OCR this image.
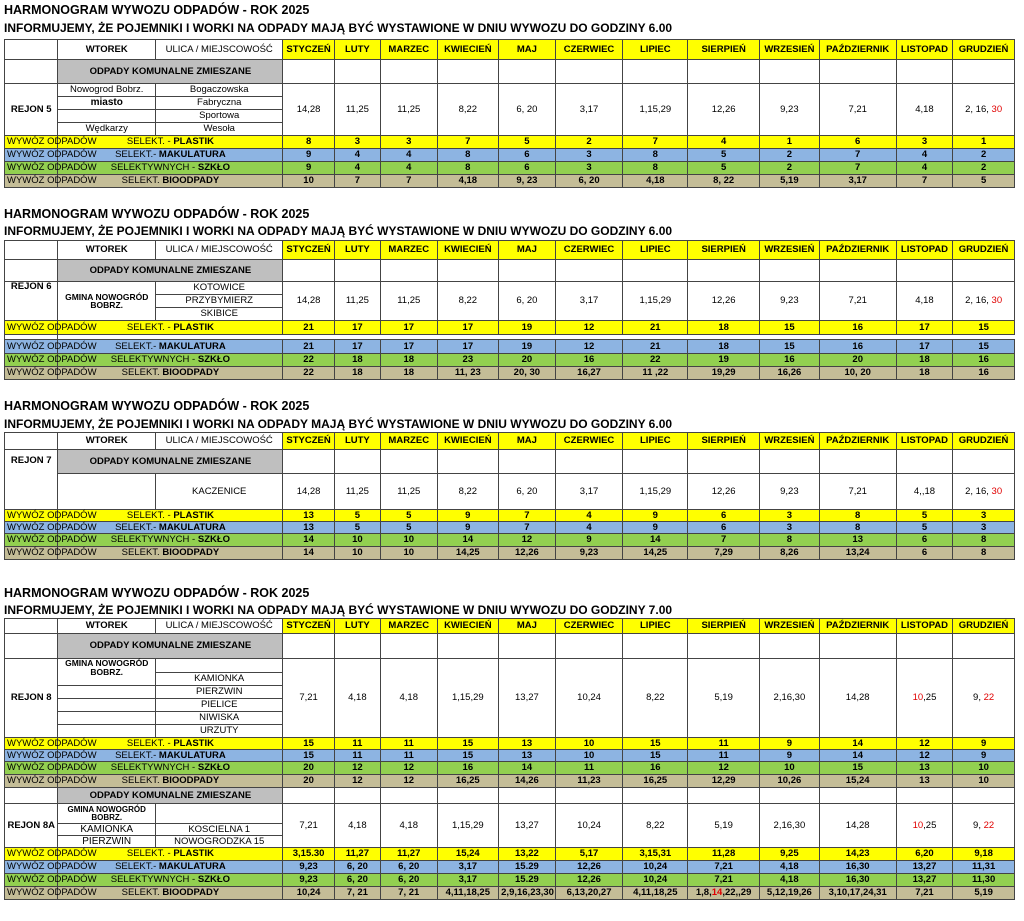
HARMONOGRAM WYWOZU ODPADÓW - ROK 2025
INFORMUJEMY, ŻE POJEMNIKI I WORKI NA ODPADY MAJĄ BYĆ WYSTAWIONE W DNIU WYWOZU DO GODZINY 6.00
	WTOREK	ULICA / MIEJSCOWOŚĆ	STYCZEŃ	LUTY	MARZEC	KWIECIEŃ	MAJ	CZERWIEC	LIPIEC	SIERPIEŃ	WRZESIEŃ	PAŹDZIERNIK	LISTOPAD	GRUDZIEŃ
	ODPADY KOMUNALNE ZMIESZANE													
REJON 5	Nowogrod Bobrz.	Bogaczowska	14,28	11,25	11,25	8,22	6, 20	3,17	1,15,29	12,26	9,23	7,21	4,18	2, 16, 30
	miasto	Fabryczna												
		Sportowa												
	Wędkarzy	Wesoła												
WYWÓZ ODPADÓW	SELEKT. - PLASTIK		8	3	3	7	5	2	7	4	1	6	3	1
WYWÓZ ODPADÓW	SELEKT.- MAKULATURA		9	4	4	8	6	3	8	5	2	7	4	2
WYWÓZ ODPADÓW	SELEKTYWNYCH - SZKŁO		9	4	4	8	6	3	8	5	2	7	4	2
WYWÓZ ODPADÓW	SELEKT. BIOODPADY		10	7	7	4,18	9, 23	6, 20	4,18	8, 22	5,19	3,17	7	5
HARMONOGRAM WYWOZU ODPADÓW - ROK 2025
INFORMUJEMY, ŻE POJEMNIKI I WORKI NA ODPADY MAJĄ BYĆ WYSTAWIONE W DNIU WYWOZU DO GODZINY 6.00
	WTOREK	ULICA / MIEJSCOWOŚĆ	STYCZEŃ	LUTY	MARZEC	KWIECIEŃ	MAJ	CZERWIEC	LIPIEC	SIERPIEŃ	WRZESIEŃ	PAŹDZIERNIK	LISTOPAD	GRUDZIEŃ
	ODPADY KOMUNALNE ZMIESZANE													
REJON 6	GMINA NOWOGRÓD BOBRZ.	KOTOWICE	14,28	11,25	11,25	8,22	6, 20	3,17	1,15,29	12,26	9,23	7,21	4,18	2, 16, 30
		PRZYBYMIERZ												
		SKIBICE												
WYWÓZ ODPADÓW	SELEKT. - PLASTIK		21	17	17	17	19	12	21	18	15	16	17	15

WYWÓZ ODPADÓW	SELEKT.- MAKULATURA		21	17	17	17	19	12	21	18	15	16	17	15
WYWÓZ ODPADÓW	SELEKTYWNYCH - SZKŁO		22	18	18	23	20	16	22	19	16	20	18	16
WYWÓZ ODPADÓW	SELEKT. BIOODPADY		22	18	18	11, 23	20, 30	16,27	11 ,22	19,29	16,26	10, 20	18	16
HARMONOGRAM WYWOZU ODPADÓW - ROK 2025
INFORMUJEMY, ŻE POJEMNIKI I WORKI NA ODPADY MAJĄ BYĆ WYSTAWIONE W DNIU WYWOZU DO GODZINY 6.00
	WTOREK	ULICA / MIEJSCOWOŚĆ	STYCZEŃ	LUTY	MARZEC	KWIECIEŃ	MAJ	CZERWIEC	LIPIEC	SIERPIEŃ	WRZESIEŃ	PAŹDZIERNIK	LISTOPAD	GRUDZIEŃ
REJON 7	ODPADY KOMUNALNE ZMIESZANE													
		KACZENICE	14,28	11,25	11,25	8,22	6, 20	3,17	1,15,29	12,26	9,23	7,21	4,,18	2, 16, 30
WYWÓZ ODPADÓW	SELEKT. - PLASTIK		13	5	5	9	7	4	9	6	3	8	5	3
WYWÓZ ODPADÓW	SELEKT.- MAKULATURA		13	5	5	9	7	4	9	6	3	8	5	3
WYWÓZ ODPADÓW	SELEKTYWNYCH - SZKŁO		14	10	10	14	12	9	14	7	8	13	6	8
WYWÓZ ODPADÓW	SELEKT. BIOODPADY		14	10	10	14,25	12,26	9,23	14,25	7,29	8,26	13,24	6	8
HARMONOGRAM WYWOZU ODPADÓW - ROK 2025
INFORMUJEMY, ŻE POJEMNIKI I WORKI NA ODPADY MAJĄ BYĆ WYSTAWIONE W DNIU WYWOZU DO GODZINY 7.00
	WTOREK	ULICA / MIEJSCOWOŚĆ	STYCZEŃ	LUTY	MARZEC	KWIECIEŃ	MAJ	CZERWIEC	LIPIEC	SIERPIEŃ	WRZESIEŃ	PAŹDZIERNIK	LISTOPAD	GRUDZIEŃ
	ODPADY KOMUNALNE ZMIESZANE													
REJON 8	GMINA NOWOGRÓD BOBRZ.		7,21	4,18	4,18	1,15,29	13,27	10,24	8,22	5,19	2,16,30	14,28	10,25	9, 22
		KAMIONKA												
		PIERZWIN												
		PIELICE												
		NIWISKA												
		URZUTY												
WYWÓZ ODPADÓW	SELEKT. - PLASTIK		15	11	11	15	13	10	15	11	9	14	12	9
WYWÓZ ODPADÓW	SELEKT.- MAKULATURA		15	11	11	15	13	10	15	11	9	14	12	9
WYWÓZ ODPADÓW	SELEKTYWNYCH - SZKŁO		20	12	12	16	14	11	16	12	10	15	13	10
WYWÓZ ODPADÓW	SELEKT. BIOODPADY		20	12	12	16,25	14,26	11,23	16,25	12,29	10,26	15,24	13	10
	ODPADY KOMUNALNE ZMIESZANE													
REJON 8A	GMINA NOWOGRÓD BOBRZ.		7,21	4,18	4,18	1,15,29	13,27	10,24	8,22	5,19	2,16,30	14,28	10,25	9, 22
	KAMIONKA	KOSCIELNA 1												
	PIERZWIN	NOWOGRODZKA 15												
WYWÓZ ODPADÓW	SELEKT. - PLASTIK		3,15.30	11,27	11,27	15,24	13,22	5,17	3,15,31	11,28	9,25	14,23	6,20	9,18
WYWÓZ ODPADÓW	SELEKT.- MAKULATURA		9,23	6, 20	6, 20	3,17	15.29	12,26	10,24	7,21	4,18	16,30	13,27	11,31
WYWÓZ ODPADÓW	SELEKTYWNYCH - SZKŁO		9,23	6, 20	6, 20	3,17	15.29	12,26	10,24	7,21	4,18	16,30	13,27	11,30
WYWÓZ ODPADÓW	SELEKT. BIOODPADY		10,24	7, 21	7, 21	4,11,18,25	2,9,16,23,30	6,13,20,27	4,11,18,25	1,8,14,22,,29	5,12,19,26	3,10,17,24,31	7,21	5,19
